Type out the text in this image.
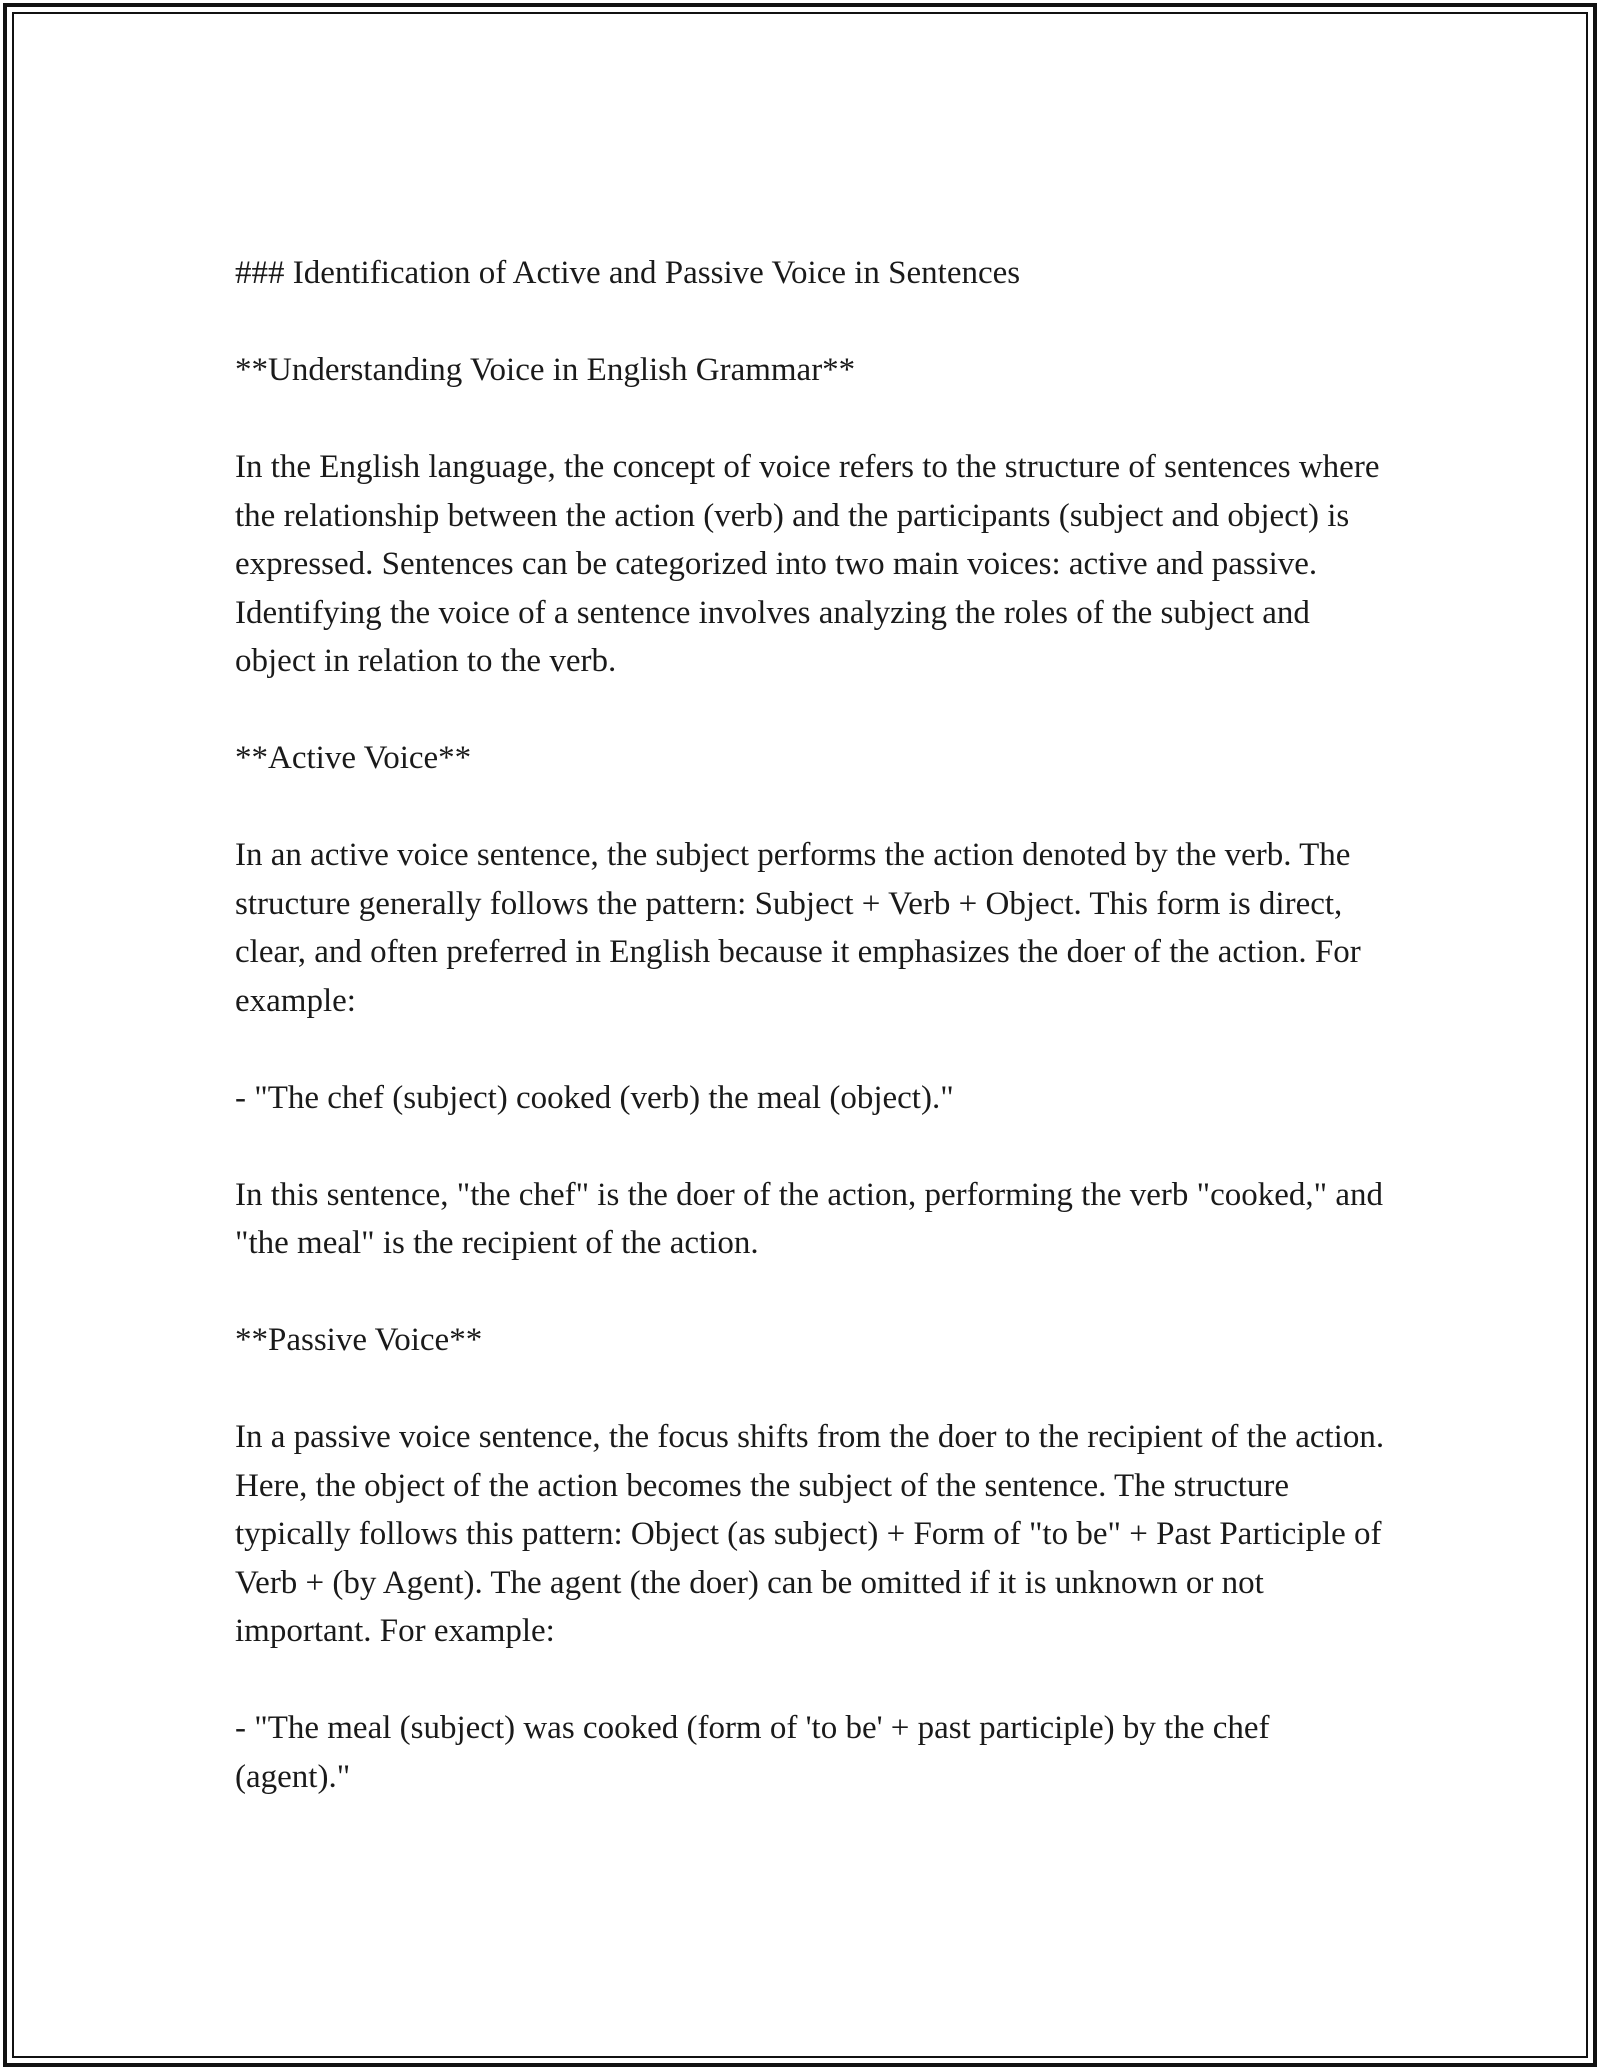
### Identification of Active and Passive Voice in Sentences

**Understanding Voice in English Grammar**

In the English language, the concept of voice refers to the structure of sentences where the relationship between the action (verb) and the participants (subject and object) is expressed. Sentences can be categorized into two main voices: active and passive. Identifying the voice of a sentence involves analyzing the roles of the subject and object in relation to the verb.

**Active Voice**

In an active voice sentence, the subject performs the action denoted by the verb. The structure generally follows the pattern: Subject + Verb + Object. This form is direct, clear, and often preferred in English because it emphasizes the doer of the action. For example:

- "The chef (subject) cooked (verb) the meal (object)."

In this sentence, "the chef" is the doer of the action, performing the verb "cooked," and "the meal" is the recipient of the action.

**Passive Voice**

In a passive voice sentence, the focus shifts from the doer to the recipient of the action. Here, the object of the action becomes the subject of the sentence. The structure typically follows this pattern: Object (as subject) + Form of "to be" + Past Participle of Verb + (by Agent). The agent (the doer) can be omitted if it is unknown or not important. For example:

- "The meal (subject) was cooked (form of 'to be' + past participle) by the chef (agent)."
